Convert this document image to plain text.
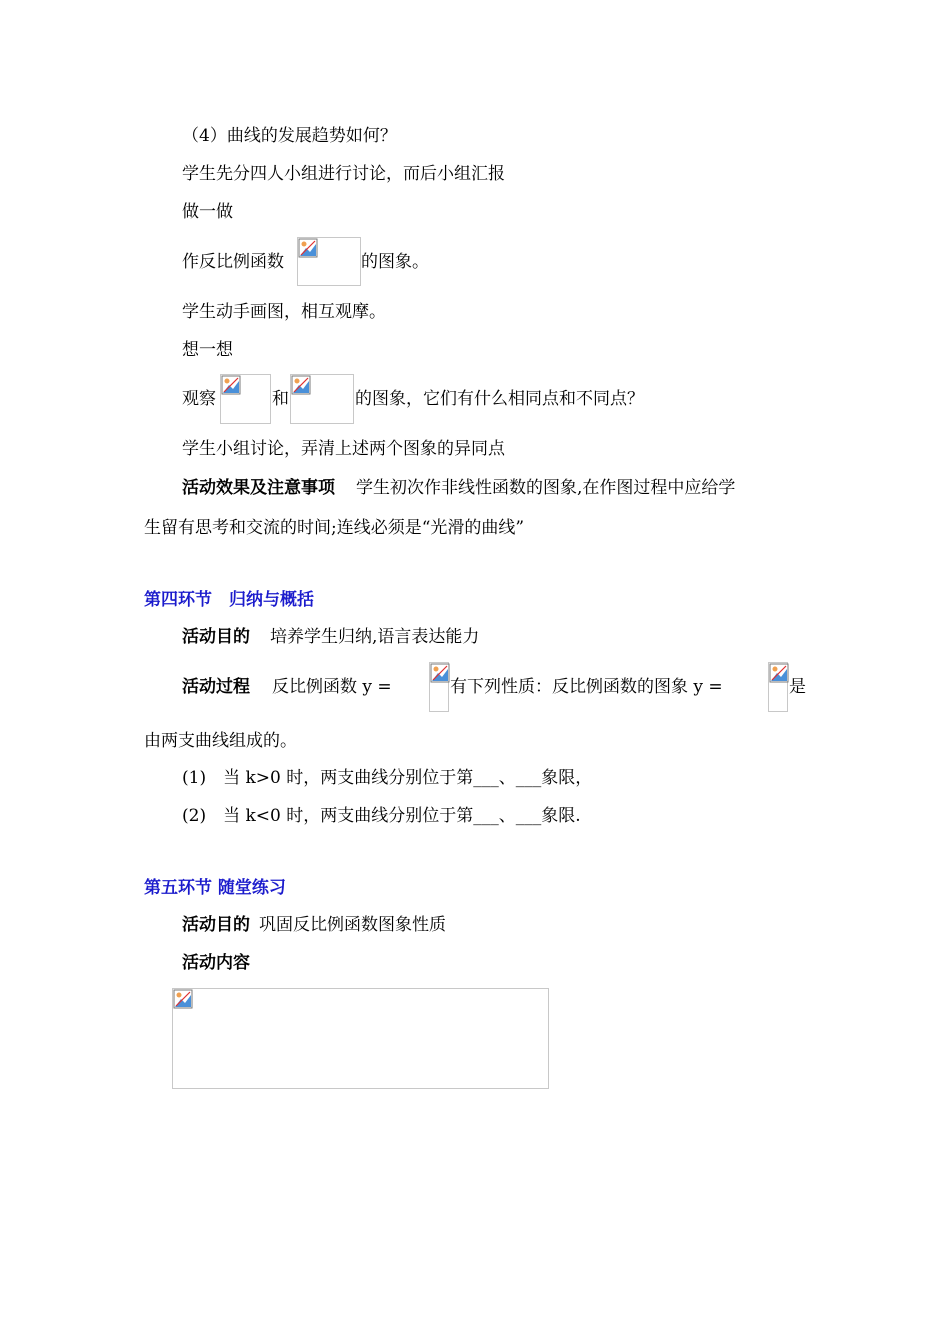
（4）曲线的发展趋势如何？
学生先分四人小组进行讨论，而后小组汇报
做一做
作反比例函数	的图象。
学生动手画图，相互观摩。
想一想
观察	和	的图象，它们有什么相同点和不同点？
学生小组讨论，弄清上述两个图象的异同点
活动效果及注意事项 学生初次作非线性函数的图象,在作图过程中应给学
生留有思考和交流的时间;连线必须是“光滑的曲线”
第四环节　归纳与概括
活动目的 培养学生归纳,语言表达能力
活动过程 反比例函数 y =	有下列性质：反比例函数的图象 y =	是
由两支曲线组成的。
(1)　当 k>0 时，两支曲线分别位于第___、___象限，
(2)　当 k<0 时，两支曲线分别位于第___、___象限.
第五环节 随堂练习
活动目的 巩固反比例函数图象性质
活动内容
